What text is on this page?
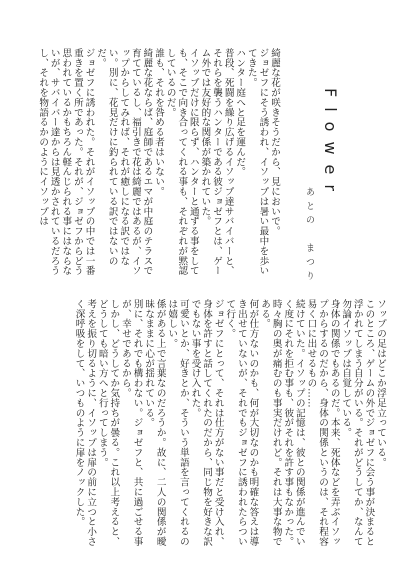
Flower
あとの　まつり

綺麗な花が咲きそうだから、見においで。

ジョゼフにそう誘われ、イソップは暑い最中を歩いてきた。

ハンター庭へと足を運んだ。

普段、死闘を繰り広げるイソップ達サバイバーと、それらを襲うハンターである彼ジョゼフとは、ゲーム外では友好的な関係が築かれていた。

イソップだけに限らず、ハンターと通ずる事をしても、そこで向き合ってくれる事も、それぞれが黙認しているのだ。

誰も、それを咎める者はいない。

綺麗な花ならば、庭師であるエマが中庭のテラスで育てているし、福引きで花は綺麗ではあるが、イソップからしてみれば、それが癒しになる訳ではない。別に、花見だけに釣られている訳ではないのだ。

ジョゼフに誘われた。それがイソップの中では一番重きを置く所であった。それが、ジョゼフからどう思われているかもちろん軽んじられる事にはならないが、サバイバー達からは見透かされているだろうし、それを物語るかのようにイソップは

ソップの足はどこか浮足立っている。

このところ、ゲームの外でジョゼフに会う事が決まると浮かれてしまう自分がいる。それがどうしてか、なんて勿論イソップは自覚している。

身体の関係でもあるのだ。本来、死体などを弄ぶイソップからするのだから、身体の関係というのは、それ程容易く口に出せるもの……

続けていた。イソップの記憶は、彼との関係が進んでいく度にそれを拒む事も、彼がそれを許す事もなかった。時々胸の奥が痛むのも事実だけれど。それは大事な物である。

何が仕方ないのかも、何が大切なのかも明確な答えは導き出せていないが、それでもジョゼフに誘われたらついて行く。

ジョゼフにとって、それは仕方がない事だと受け入れ、身体を許すと話してくれたのだから、同じ物を好きな訳でもない事を受け入れた。

可愛いとか、好きとか、そういう単語を言ってくれるのは嬉しい。

係がある上で言葉なのだろうか。故に、二人の関係が曖昧なままに心が揺れている。

別に、それでも構わない。ジョゼフと、共に過ごせる事が、幸せであるから。

しかし、どうしてか気持ちが曇る。これ以上考えると、どうしても暗い方へと行ってしまう。

考えを振り切るように、イソップは扉の前に立つと小さく深呼吸をして、いつものように扉をノックした。
